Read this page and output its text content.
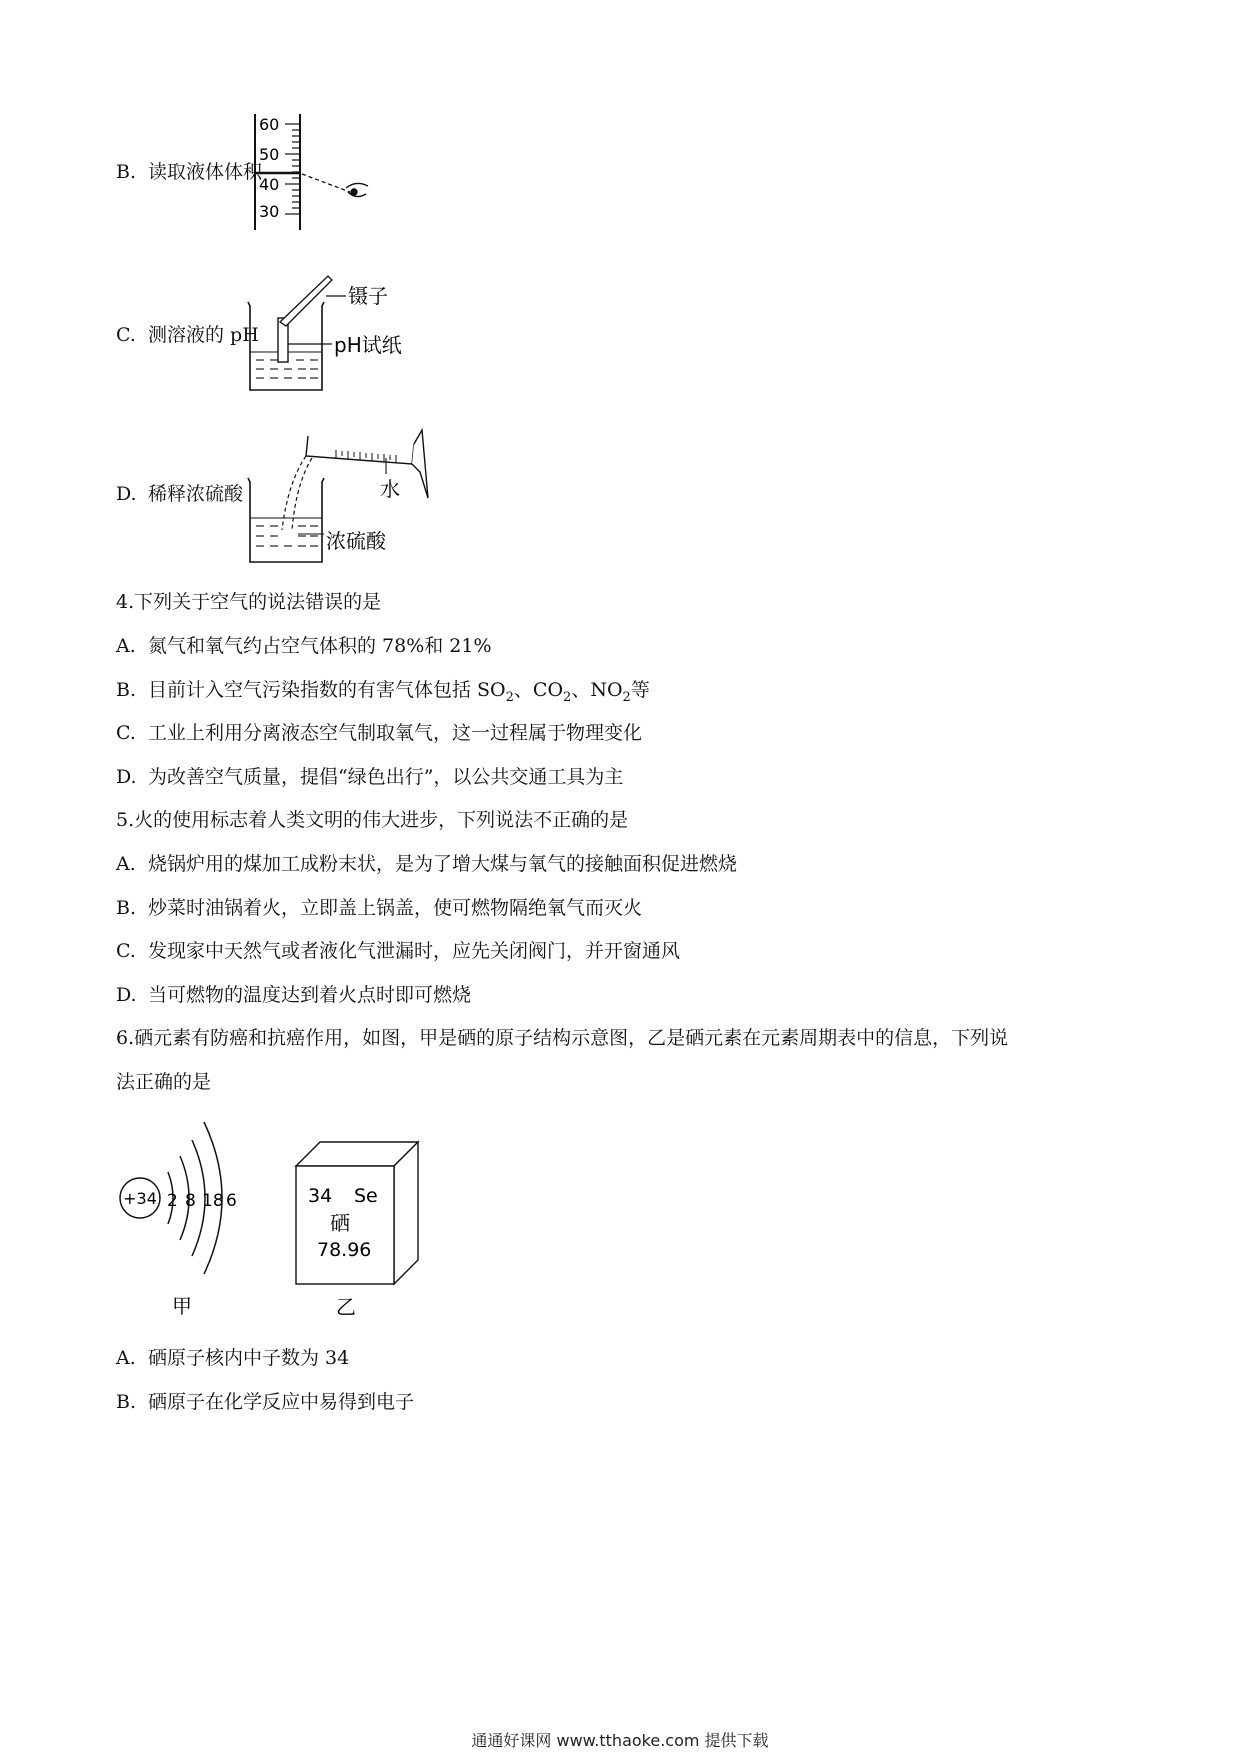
B. 读取液体体积
60
50
40
30
C. 测溶液的 pH
镊子
pH试纸
D. 稀释浓硫酸	水
浓硫酸
4.下列关于空气的说法错误的是
A. 氮气和氧气约占空气体积的 78%和 21%
B. 目前计入空气污染指数的有害气体包括 $SO_2$、$CO_2$、$NO_2$等
C. 工业上利用分离液态空气制取氧气，这一过程属于物理变化
D. 为改善空气质量，提倡“绿色出行”，以公共交通工具为主
5.火的使用标志着人类文明的伟大进步，下列说法不正确的是
A. 烧锅炉用的煤加工成粉末状，是为了增大煤与氧气的接触面积促进燃烧
B. 炒菜时油锅着火，立即盖上锅盖，使可燃物隔绝氧气而灭火
C. 发现家中天然气或者液化气泄漏时，应先关闭阀门，并开窗通风
D. 当可燃物的温度达到着火点时即可燃烧
6.硒元素有防癌和抗癌作用，如图，甲是硒的原子结构示意图，乙是硒元素在元素周期表中的信息，下列说
法正确的是
+34 2 8 18 6
甲
34 Se
硒
78.96
乙
A. 硒原子核内中子数为 34
B. 硒原子在化学反应中易得到电子
通通好课网 www.tthaoke.com 提供下载
